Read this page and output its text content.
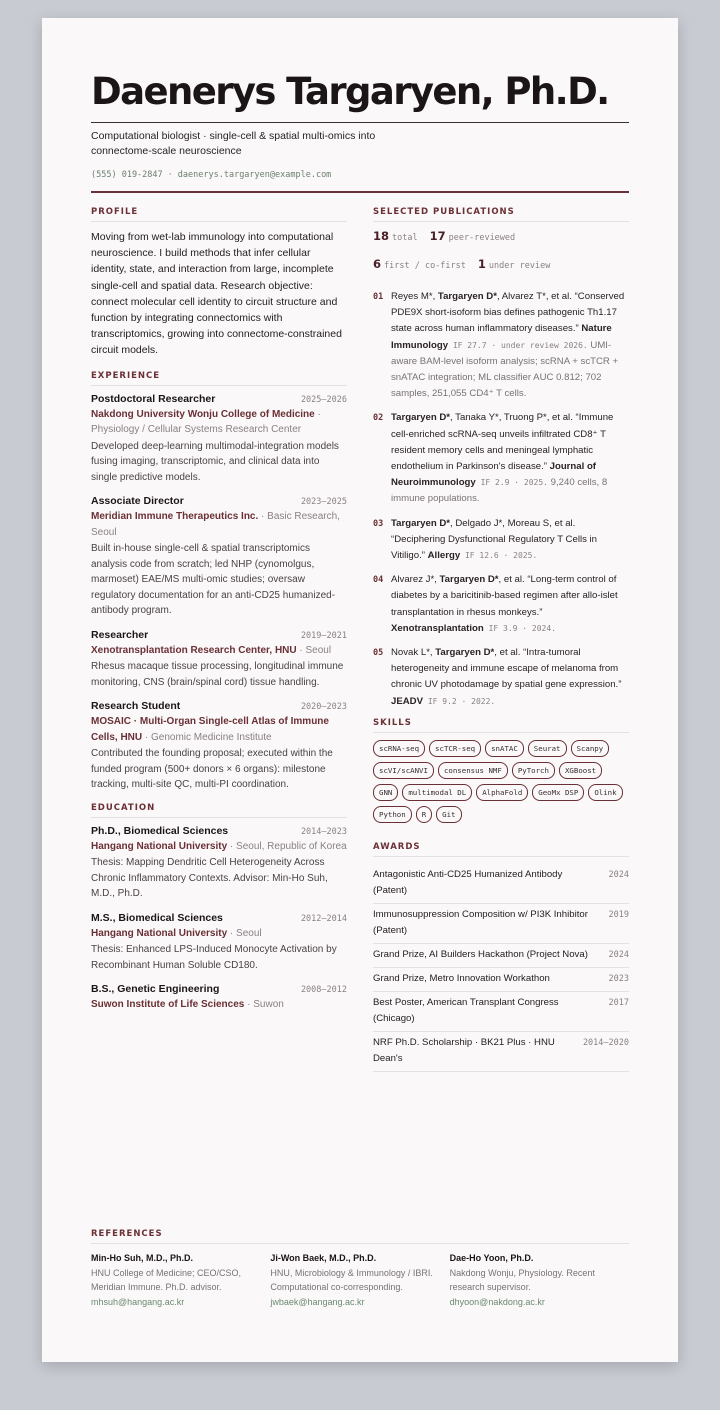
Daenerys Targaryen, Ph.D.
Computational biologist · single-cell & spatial multi-omics into connectome-scale neuroscience
(555) 019-2847 · daenerys.targaryen@example.com
PROFILE
Moving from wet-lab immunology into computational neuroscience. I build methods that infer cellular identity, state, and interaction from large, incomplete single-cell and spatial data. Research objective: connect molecular cell identity to circuit structure and function by integrating connectomics with transcriptomics, growing into connectome-constrained circuit models.
EXPERIENCE
Postdoctoral Researcher	2025–2026
Nakdong University Wonju College of Medicine · Physiology / Cellular Systems Research Center
Developed deep-learning multimodal-integration models fusing imaging, transcriptomic, and clinical data into single predictive models.
Associate Director	2023–2025
Meridian Immune Therapeutics Inc. · Basic Research, Seoul
Built in-house single-cell & spatial transcriptomics analysis code from scratch; led NHP (cynomolgus, marmoset) EAE/MS multi-omic studies; oversaw regulatory documentation for an anti-CD25 humanized-antibody program.
Researcher	2019–2021
Xenotransplantation Research Center, HNU · Seoul
Rhesus macaque tissue processing, longitudinal immune monitoring, CNS (brain/spinal cord) tissue handling.
Research Student	2020–2023
MOSAIC · Multi-Organ Single-cell Atlas of Immune Cells, HNU · Genomic Medicine Institute
Contributed the founding proposal; executed within the funded program (500+ donors × 6 organs): milestone tracking, multi-site QC, multi-PI coordination.
EDUCATION
Ph.D., Biomedical Sciences	2014–2023
Hangang National University · Seoul, Republic of Korea
Thesis: Mapping Dendritic Cell Heterogeneity Across Chronic Inflammatory Contexts. Advisor: Min-Ho Suh, M.D., Ph.D.
M.S., Biomedical Sciences	2012–2014
Hangang National University · Seoul
Thesis: Enhanced LPS-Induced Monocyte Activation by Recombinant Human Soluble CD180.
B.S., Genetic Engineering	2008–2012
Suwon Institute of Life Sciences · Suwon
SELECTED PUBLICATIONS
18 total 17 peer-reviewed
6 first / co-first 1 under review
01 Reyes M*, Targaryen D*, Alvarez T*, et al. “Conserved PDE9X short-isoform bias defines pathogenic Th1.17 state across human inflammatory diseases.” Nature Immunology IF 27.7 · under review 2026. UMI-aware BAM-level isoform analysis; scRNA + scTCR + snATAC integration; ML classifier AUC 0.812; 702 samples, 251,055 CD4⁺ T cells.
02 Targaryen D*, Tanaka Y*, Truong P*, et al. “Immune cell-enriched scRNA-seq unveils infiltrated CD8⁺ T resident memory cells and meningeal lymphatic endothelium in Parkinson's disease.” Journal of Neuroimmunology IF 2.9 · 2025. 9,240 cells, 8 immune populations.
03 Targaryen D*, Delgado J*, Moreau S, et al. “Deciphering Dysfunctional Regulatory T Cells in Vitiligo.” Allergy IF 12.6 · 2025.
04 Alvarez J*, Targaryen D*, et al. “Long-term control of diabetes by a baricitinib-based regimen after allo-islet transplantation in rhesus monkeys.” Xenotransplantation IF 3.9 · 2024.
05 Novak L*, Targaryen D*, et al. “Intra-tumoral heterogeneity and immune escape of melanoma from chronic UV photodamage by spatial gene expression.” JEADV IF 9.2 · 2022.
SKILLS
scRNA-seq	scTCR-seq	snATAC	Seurat	Scanpy
scVI/scANVI	consensus NMF	PyTorch	XGBoost
GNN	multimodal DL	AlphaFold	GeoMx DSP	Olink
Python	R	Git
AWARDS
Antagonistic Anti-CD25 Humanized Antibody (Patent)
2024
Immunosuppression Composition w/ PI3K Inhibitor (Patent)
2019
Grand Prize, AI Builders Hackathon (Project Nova)	2024
Grand Prize, Metro Innovation Workathon	2023
Best Poster, American Transplant Congress (Chicago)
2017
NRF Ph.D. Scholarship · BK21 Plus · HNU Dean's
2014–2020
REFERENCES
Min-Ho Suh, M.D., Ph.D.
HNU College of Medicine; CEO/CSO, Meridian Immune. Ph.D. advisor.
mhsuh@hangang.ac.kr
Ji-Won Baek, M.D., Ph.D.
HNU, Microbiology & Immunology / IBRI. Computational co-corresponding.
jwbaek@hangang.ac.kr
Dae-Ho Yoon, Ph.D.
Nakdong Wonju, Physiology. Recent research supervisor.
dhyoon@nakdong.ac.kr
